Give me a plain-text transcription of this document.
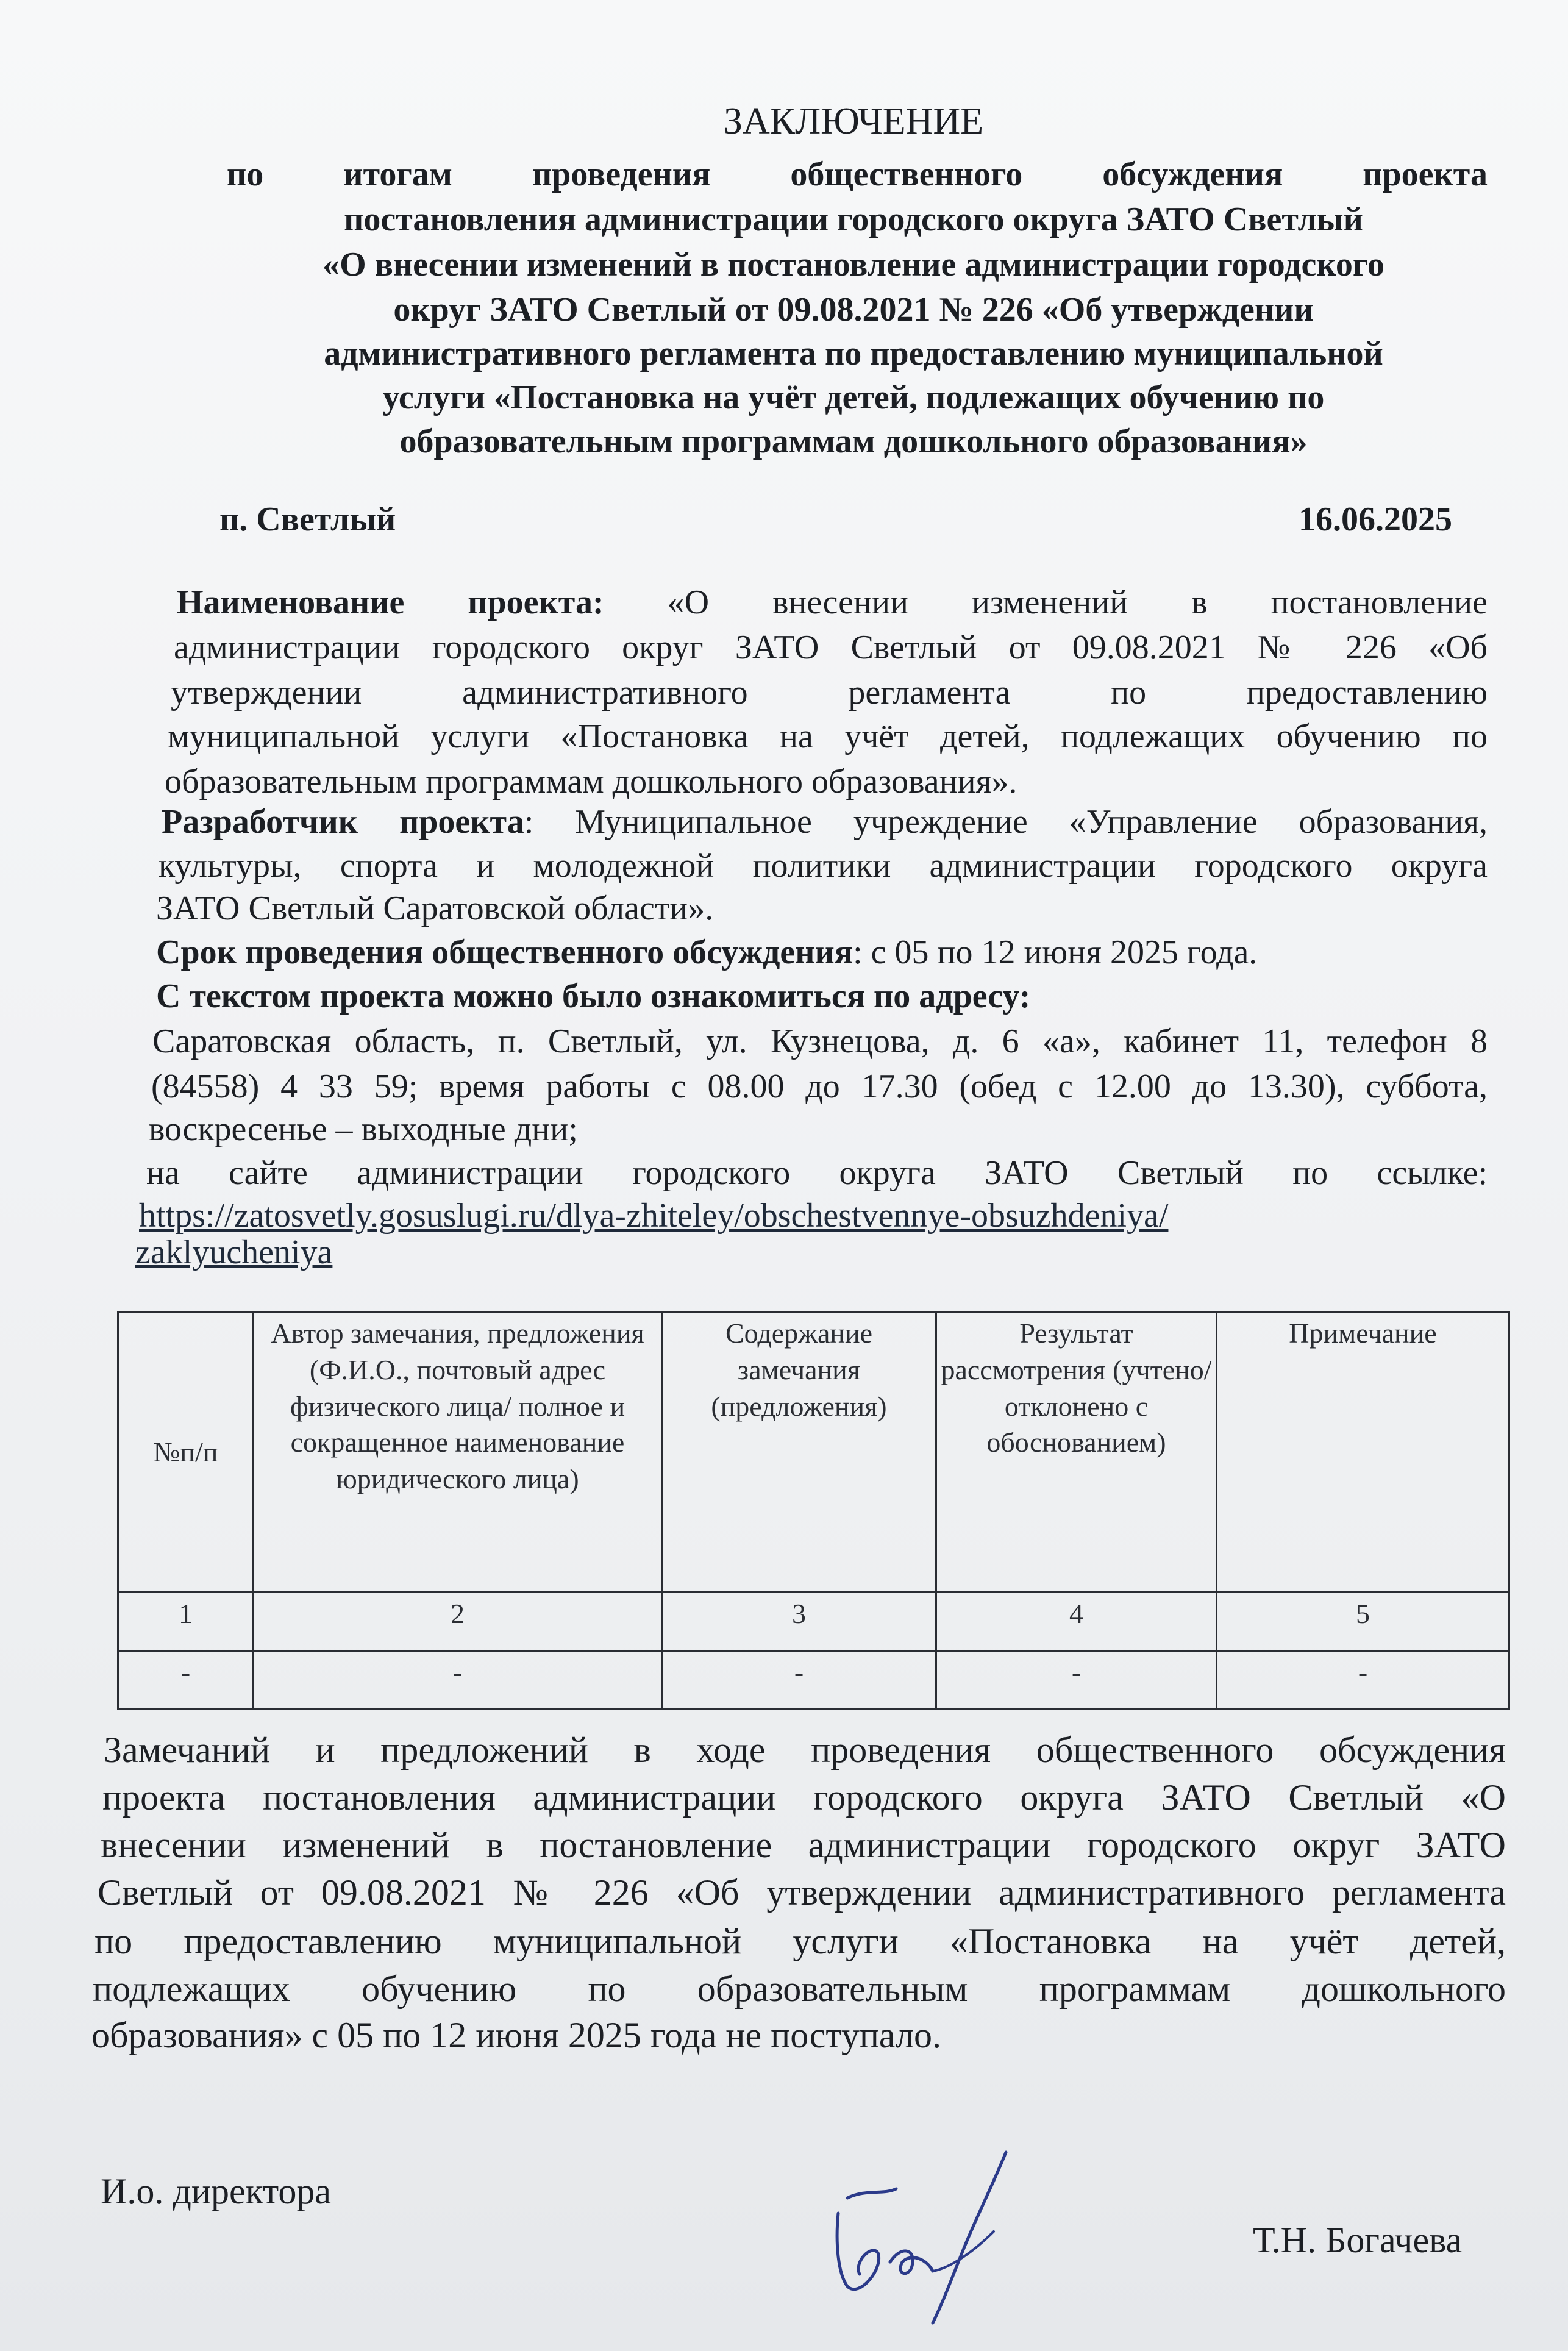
ЗАКЛЮЧЕНИЕ
по итогам проведения общественного обсуждения проекта
постановления администрации городского округа ЗАТО Светлый
«О внесении изменений в постановление администрации городского
округ ЗАТО Светлый от 09.08.2021 № 226 «Об утверждении
административного регламента по предоставлению муниципальной
услуги «Постановка на учёт детей, подлежащих обучению по
образовательным программам дошкольного образования»
п. Светлый	16.06.2025
Наименование проекта: «О внесении изменений в постановление
администрации городского округ ЗАТО Светлый от 09.08.2021 № 226 «Об
утверждении административного регламента по предоставлению
муниципальной услуги «Постановка на учёт детей, подлежащих обучению по
образовательным программам дошкольного образования».
Разработчик проекта: Муниципальное учреждение «Управление образования,
культуры, спорта и молодежной политики администрации городского округа
ЗАТО Светлый Саратовской области».
Срок проведения общественного обсуждения: с 05 по 12 июня 2025 года.
С текстом проекта можно было ознакомиться по адресу:
Саратовская область, п. Светлый, ул. Кузнецова, д. 6 «а», кабинет 11, телефон 8
(84558) 4 33 59; время работы с 08.00 до 17.30 (обед с 12.00 до 13.30), суббота,
воскресенье – выходные дни;
на сайте администрации городского округа ЗАТО Светлый по ссылке:
https://zatosvetly.gosuslugi.ru/dlya-zhiteley/obschestvennye-obsuzhdeniya/
zaklyucheniya
№п/п	Автор замечания, предложения (Ф.И.О., почтовый адрес физического лица/ полное и сокращенное наименование юридического лица)	Содержание замечания (предложения)	Результат рассмотрения (учтено/ отклонено с обоснованием)	Примечание
1	2	3	4	5
-	-	-	-	-
Замечаний и предложений в ходе проведения общественного обсуждения
проекта постановления администрации городского округа ЗАТО Светлый «О
внесении изменений в постановление администрации городского округ ЗАТО
Светлый от 09.08.2021 № 226 «Об утверждении административного регламента
по предоставлению муниципальной услуги «Постановка на учёт детей,
подлежащих обучению по образовательным программам дошкольного
образования» с 05 по 12 июня 2025 года не поступало.
И.о. директора
Т.Н. Богачева
